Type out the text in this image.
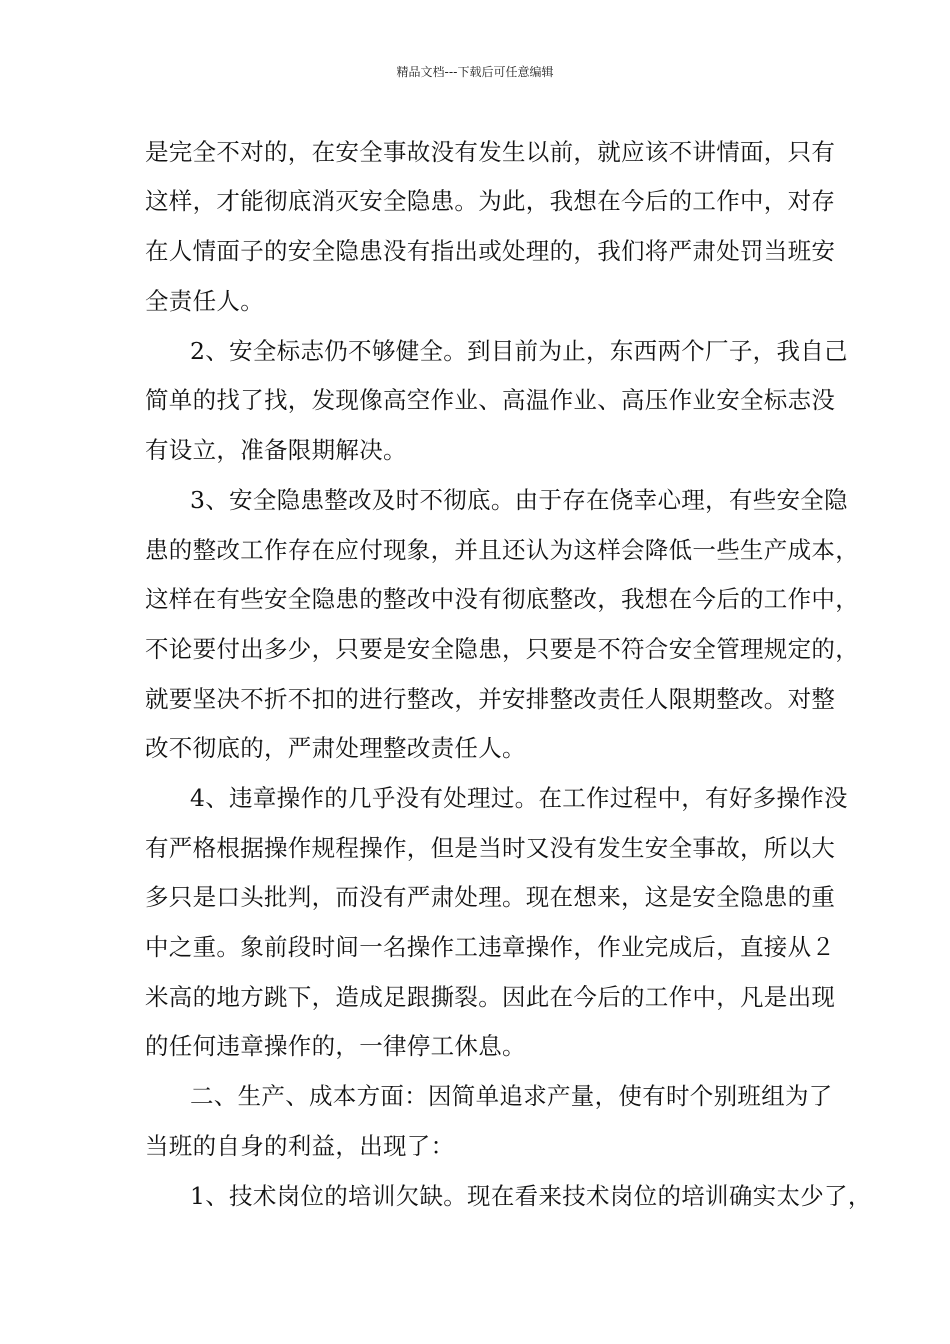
精品文档---下载后可任意编辑
是完全不对的，在安全事故没有发生以前，就应该不讲情面，只有
这样，才能彻底消灭安全隐患。为此，我想在今后的工作中，对存
在人情面子的安全隐患没有指出或处理的，我们将严肃处罚当班安
全责任人。
2、安全标志仍不够健全。到目前为止，东西两个厂子，我自己
简单的找了找，发现像高空作业、高温作业、高压作业安全标志没
有设立，准备限期解决。
3、安全隐患整改及时不彻底。由于存在侥幸心理，有些安全隐
患的整改工作存在应付现象，并且还认为这样会降低一些生产成本，
这样在有些安全隐患的整改中没有彻底整改，我想在今后的工作中，
不论要付出多少，只要是安全隐患，只要是不符合安全管理规定的，
就要坚决不折不扣的进行整改，并安排整改责任人限期整改。对整
改不彻底的，严肃处理整改责任人。
4、违章操作的几乎没有处理过。在工作过程中，有好多操作没
有严格根据操作规程操作，但是当时又没有发生安全事故，所以大
多只是口头批判，而没有严肃处理。现在想来，这是安全隐患的重
中之重。象前段时间一名操作工违章操作，作业完成后，直接从２
米高的地方跳下，造成足跟撕裂。因此在今后的工作中，凡是出现
的任何违章操作的，一律停工休息。
二、生产、成本方面：因简单追求产量，使有时个别班组为了
当班的自身的利益，出现了：
1、技术岗位的培训欠缺。现在看来技术岗位的培训确实太少了，
